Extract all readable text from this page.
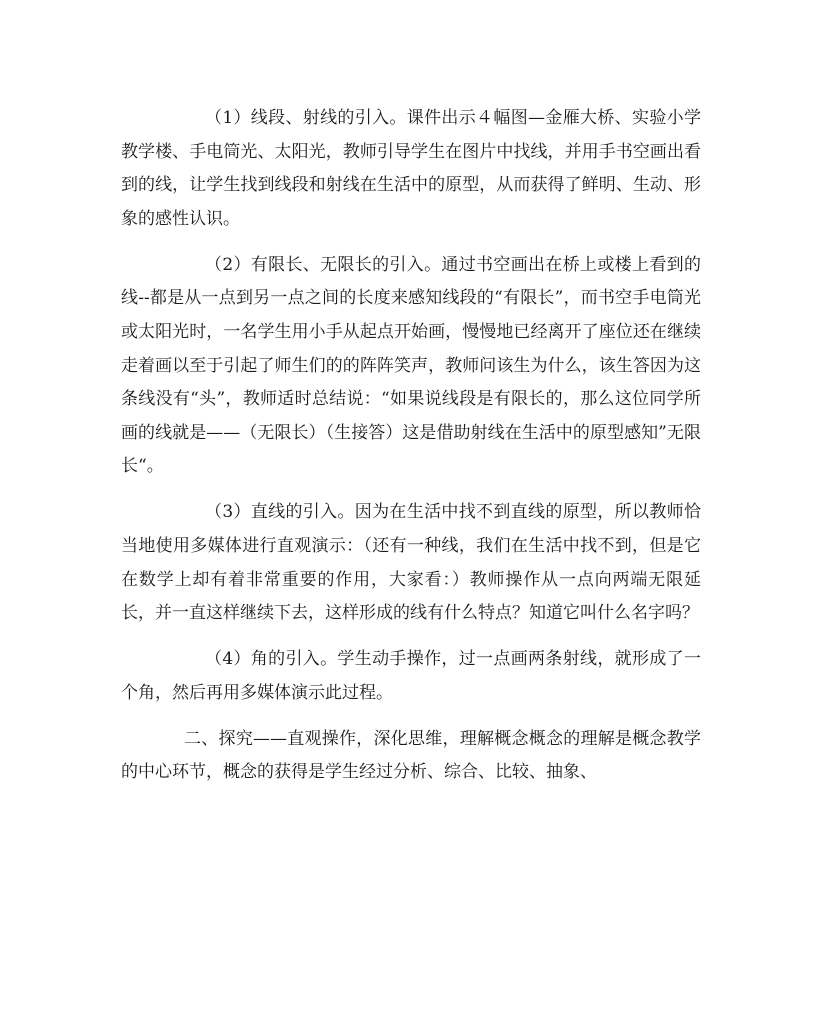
（1）线段、射线的引入。课件出示４幅图—金雁大桥、实验小学教学楼、手电筒光、太阳光，教师引导学生在图片中找线，并用手书空画出看到的线，让学生找到线段和射线在生活中的原型，从而获得了鲜明、生动、形象的感性认识。

（2）有限长、无限长的引入。通过书空画出在桥上或楼上看到的线--都是从一点到另一点之间的长度来感知线段的“有限长”，而书空手电筒光或太阳光时，一名学生用小手从起点开始画，慢慢地已经离开了座位还在继续走着画以至于引起了师生们的的阵阵笑声，教师问该生为什么，该生答因为这条线没有“头”，教师适时总结说：“如果说线段是有限长的，那么这位同学所画的线就是——（无限长）（生接答）这是借助射线在生活中的原型感知”无限长“。

（3）直线的引入。因为在生活中找不到直线的原型，所以教师恰当地使用多媒体进行直观演示：（还有一种线，我们在生活中找不到，但是它在数学上却有着非常重要的作用，大家看：）教师操作从一点向两端无限延长，并一直这样继续下去，这样形成的线有什么特点？知道它叫什么名字吗？

（4）角的引入。学生动手操作，过一点画两条射线，就形成了一个角，然后再用多媒体演示此过程。

二、探究——直观操作，深化思维，理解概念概念的理解是概念教学的中心环节，概念的获得是学生经过分析、综合、比较、抽象、
